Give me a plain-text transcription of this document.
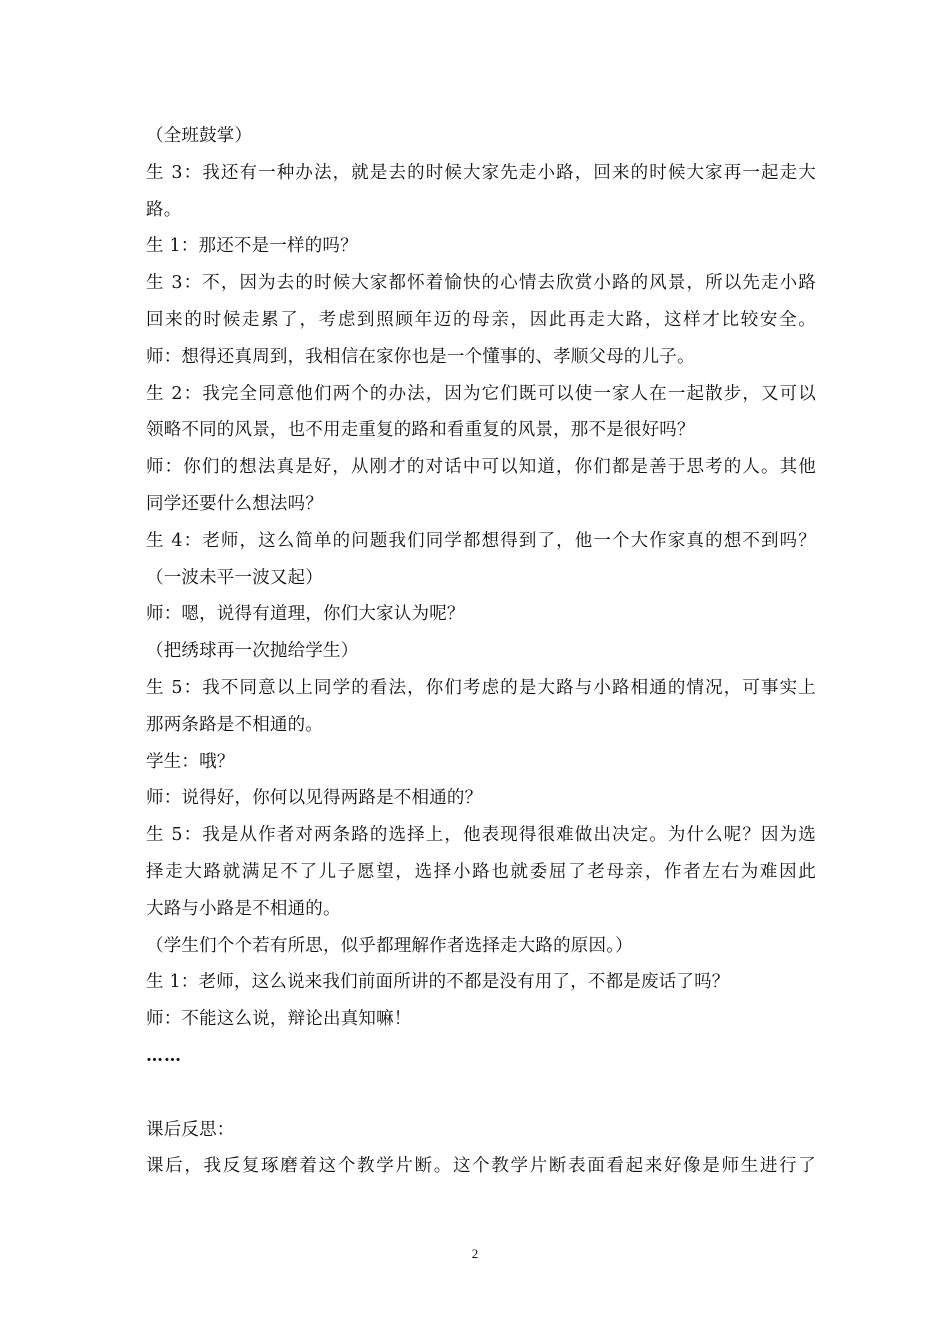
（全班鼓掌）
生 3：我还有一种办法，就是去的时候大家先走小路，回来的时候大家再一起走大
路。
生 1：那还不是一样的吗？
生 3：不，因为去的时候大家都怀着愉快的心情去欣赏小路的风景，所以先走小路
回来的时候走累了，考虑到照顾年迈的母亲，因此再走大路，这样才比较安全。
师：想得还真周到，我相信在家你也是一个懂事的、孝顺父母的儿子。
生 2：我完全同意他们两个的办法，因为它们既可以使一家人在一起散步，又可以
领略不同的风景，也不用走重复的路和看重复的风景，那不是很好吗？
师：你们的想法真是好，从刚才的对话中可以知道，你们都是善于思考的人。其他
同学还要什么想法吗？
生 4：老师，这么简单的问题我们同学都想得到了，他一个大作家真的想不到吗？
（一波未平一波又起）
师：嗯，说得有道理，你们大家认为呢？
（把绣球再一次抛给学生）
生 5：我不同意以上同学的看法，你们考虑的是大路与小路相通的情况，可事实上
那两条路是不相通的。
学生：哦？
师：说得好，你何以见得两路是不相通的？
生 5：我是从作者对两条路的选择上，他表现得很难做出决定。为什么呢？因为选
择走大路就满足不了儿子愿望，选择小路也就委屈了老母亲，作者左右为难因此
大路与小路是不相通的。
（学生们个个若有所思，似乎都理解作者选择走大路的原因。）
生 1：老师，这么说来我们前面所讲的不都是没有用了，不都是废话了吗？
师：不能这么说，辩论出真知嘛！
……
课后反思：
课后，我反复琢磨着这个教学片断。这个教学片断表面看起来好像是师生进行了
2
